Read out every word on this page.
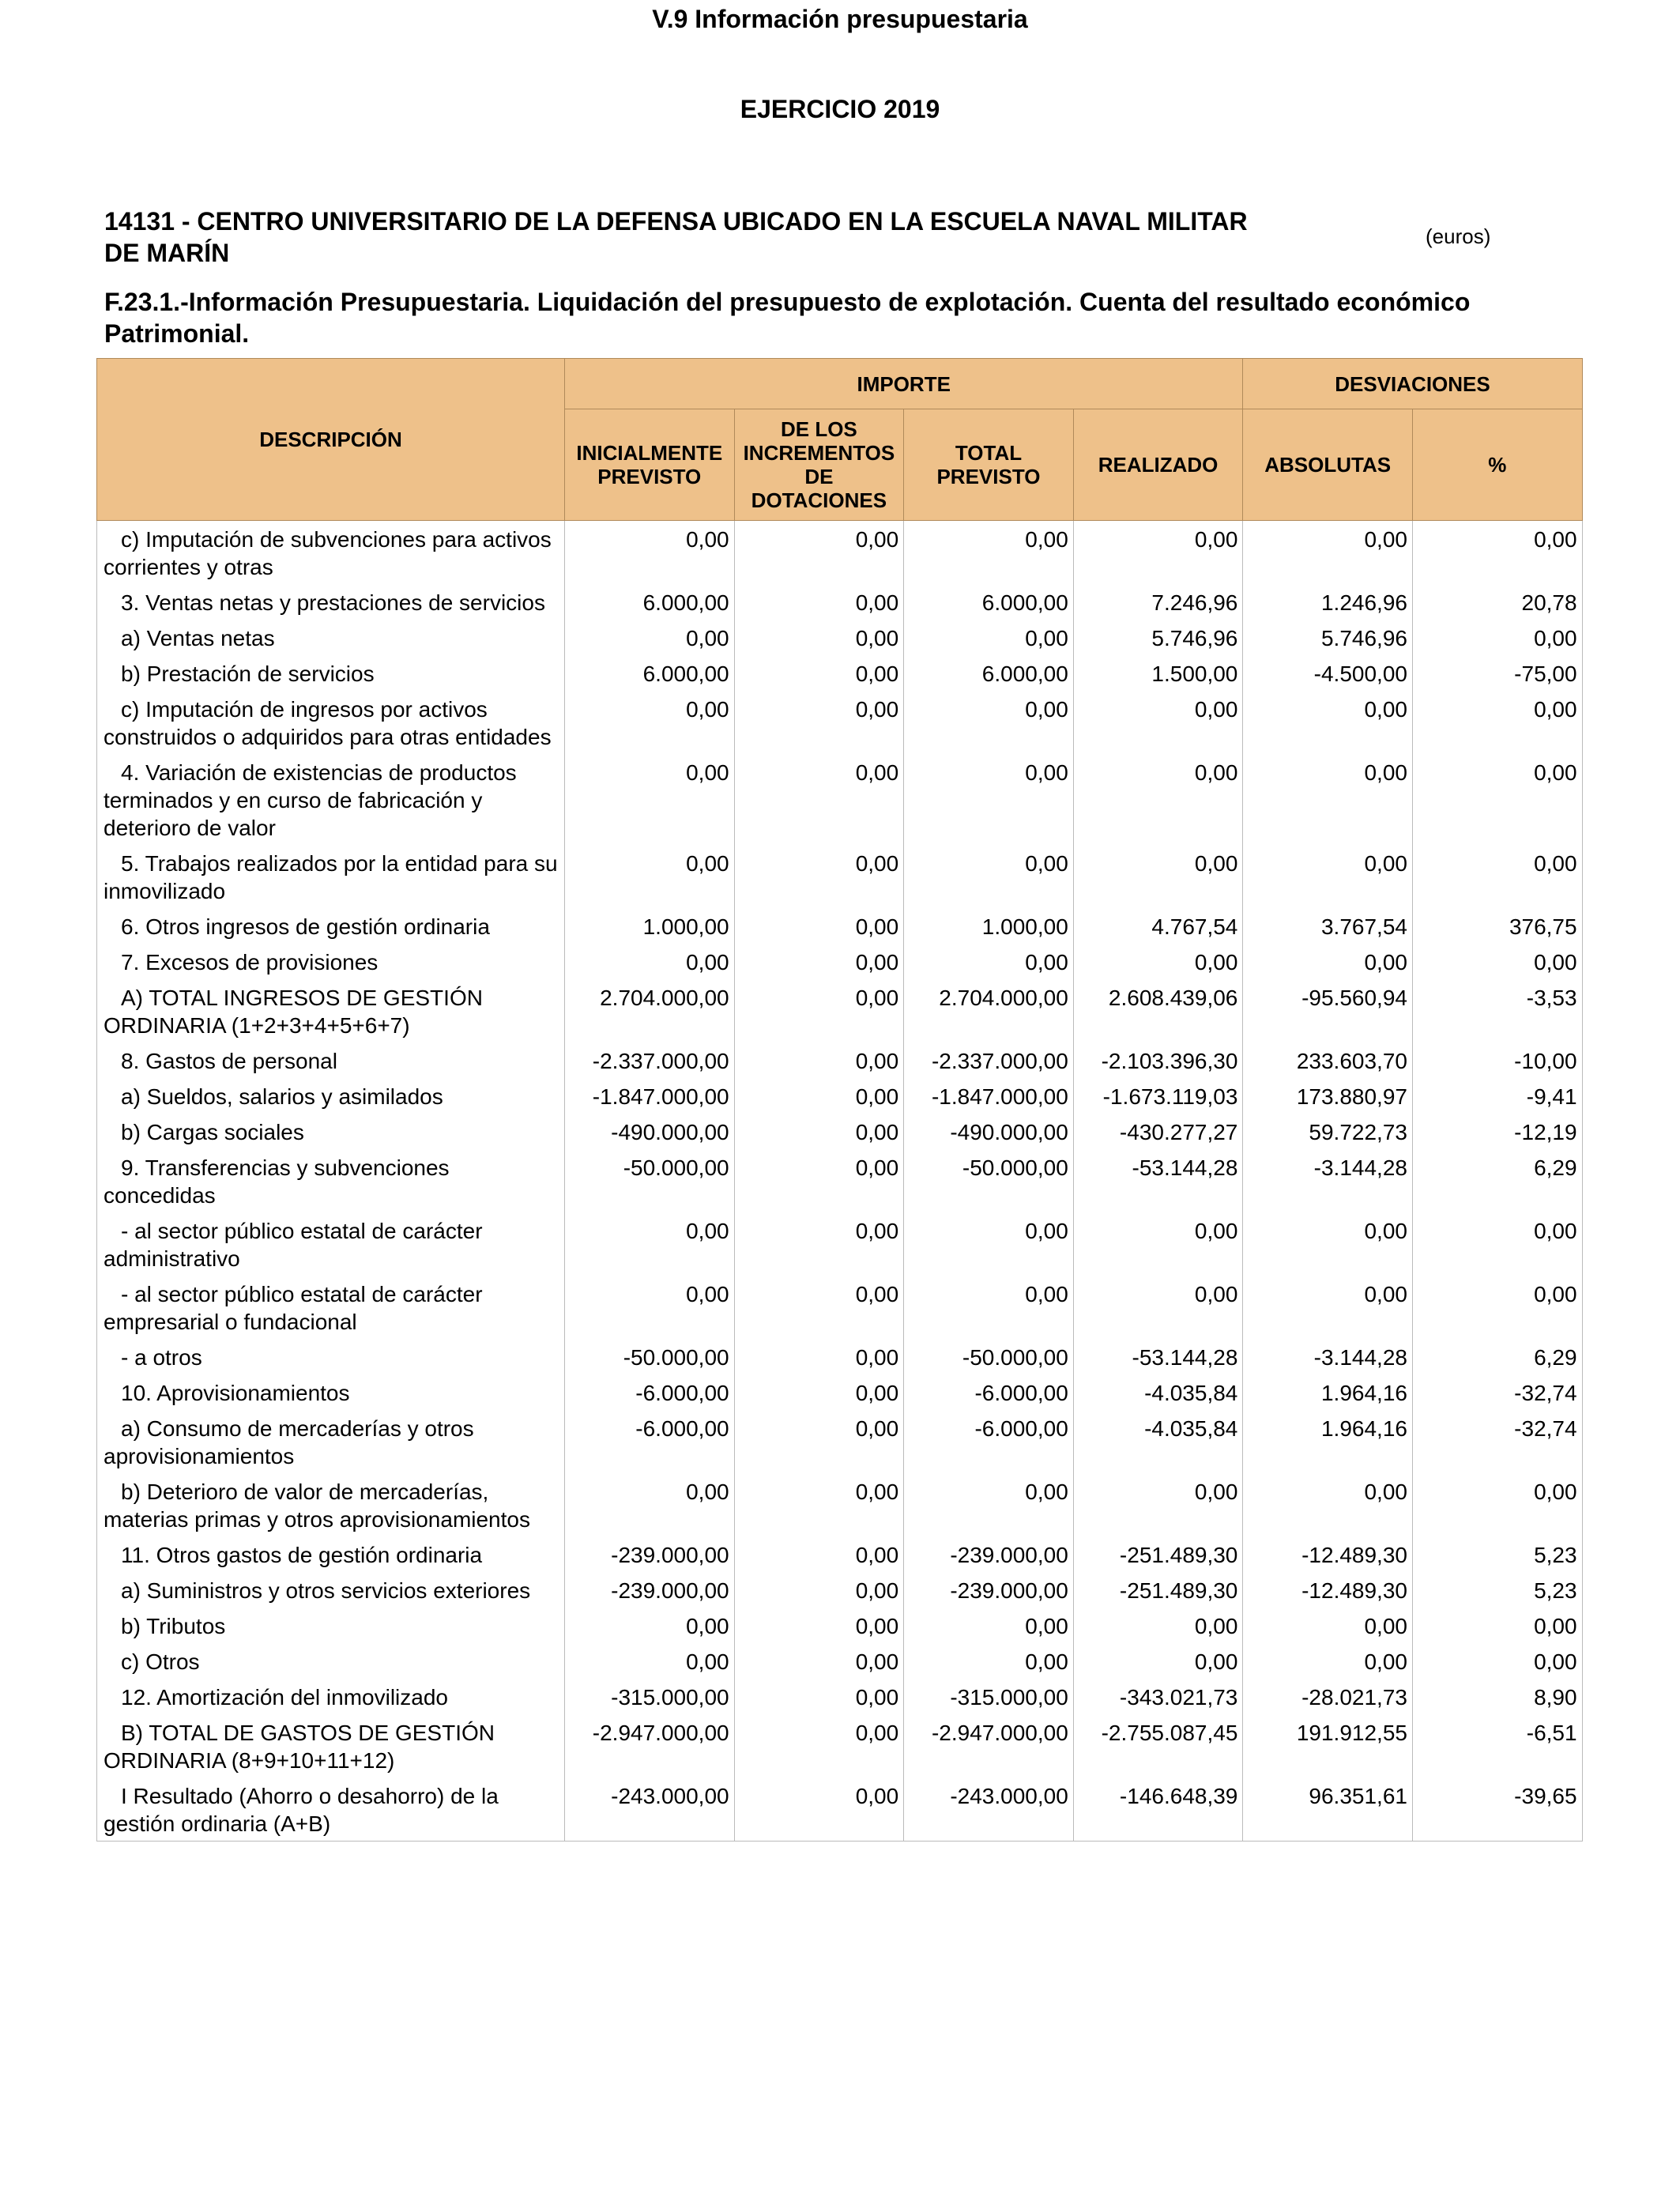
V.9 Información presupuestaria
EJERCICIO 2019
14131 - CENTRO UNIVERSITARIO DE LA DEFENSA UBICADO EN LA ESCUELA NAVAL MILITAR DE MARÍN
(euros)
F.23.1.-Información Presupuestaria. Liquidación del presupuesto de explotación. Cuenta del resultado económico Patrimonial.
DESCRIPCIÓN	IMPORTE				DESVIACIONES	
	INICIALMENTE PREVISTO	DE LOS INCREMENTOS DE DOTACIONES	TOTAL PREVISTO	REALIZADO	ABSOLUTAS	%
c) Imputación de subvenciones para activos corrientes y otras	0,00	0,00	0,00	0,00	0,00	0,00
3. Ventas netas y prestaciones de servicios	6.000,00	0,00	6.000,00	7.246,96	1.246,96	20,78
a) Ventas netas	0,00	0,00	0,00	5.746,96	5.746,96	0,00
b) Prestación de servicios	6.000,00	0,00	6.000,00	1.500,00	-4.500,00	-75,00
c) Imputación de ingresos por activos construidos o adquiridos para otras entidades	0,00	0,00	0,00	0,00	0,00	0,00
4. Variación de existencias de productos terminados y en curso de fabricación y deterioro de valor	0,00	0,00	0,00	0,00	0,00	0,00
5. Trabajos realizados por la entidad para su inmovilizado	0,00	0,00	0,00	0,00	0,00	0,00
6. Otros ingresos de gestión ordinaria	1.000,00	0,00	1.000,00	4.767,54	3.767,54	376,75
7. Excesos de provisiones	0,00	0,00	0,00	0,00	0,00	0,00
A) TOTAL INGRESOS DE GESTIÓN ORDINARIA (1+2+3+4+5+6+7)	2.704.000,00	0,00	2.704.000,00	2.608.439,06	-95.560,94	-3,53
8. Gastos de personal	-2.337.000,00	0,00	-2.337.000,00	-2.103.396,30	233.603,70	-10,00
a) Sueldos, salarios y asimilados	-1.847.000,00	0,00	-1.847.000,00	-1.673.119,03	173.880,97	-9,41
b) Cargas sociales	-490.000,00	0,00	-490.000,00	-430.277,27	59.722,73	-12,19
9. Transferencias y subvenciones concedidas	-50.000,00	0,00	-50.000,00	-53.144,28	-3.144,28	6,29
- al sector público estatal de carácter administrativo	0,00	0,00	0,00	0,00	0,00	0,00
- al sector público estatal de carácter empresarial o fundacional	0,00	0,00	0,00	0,00	0,00	0,00
- a otros	-50.000,00	0,00	-50.000,00	-53.144,28	-3.144,28	6,29
10. Aprovisionamientos	-6.000,00	0,00	-6.000,00	-4.035,84	1.964,16	-32,74
a) Consumo de mercaderías y otros aprovisionamientos	-6.000,00	0,00	-6.000,00	-4.035,84	1.964,16	-32,74
b) Deterioro de valor de mercaderías, materias primas y otros aprovisionamientos	0,00	0,00	0,00	0,00	0,00	0,00
11. Otros gastos de gestión ordinaria	-239.000,00	0,00	-239.000,00	-251.489,30	-12.489,30	5,23
a) Suministros y otros servicios exteriores	-239.000,00	0,00	-239.000,00	-251.489,30	-12.489,30	5,23
b) Tributos	0,00	0,00	0,00	0,00	0,00	0,00
c) Otros	0,00	0,00	0,00	0,00	0,00	0,00
12. Amortización del inmovilizado	-315.000,00	0,00	-315.000,00	-343.021,73	-28.021,73	8,90
B) TOTAL DE GASTOS DE GESTIÓN ORDINARIA (8+9+10+11+12)	-2.947.000,00	0,00	-2.947.000,00	-2.755.087,45	191.912,55	-6,51
I Resultado (Ahorro o desahorro) de la gestión ordinaria (A+B)	-243.000,00	0,00	-243.000,00	-146.648,39	96.351,61	-39,65
